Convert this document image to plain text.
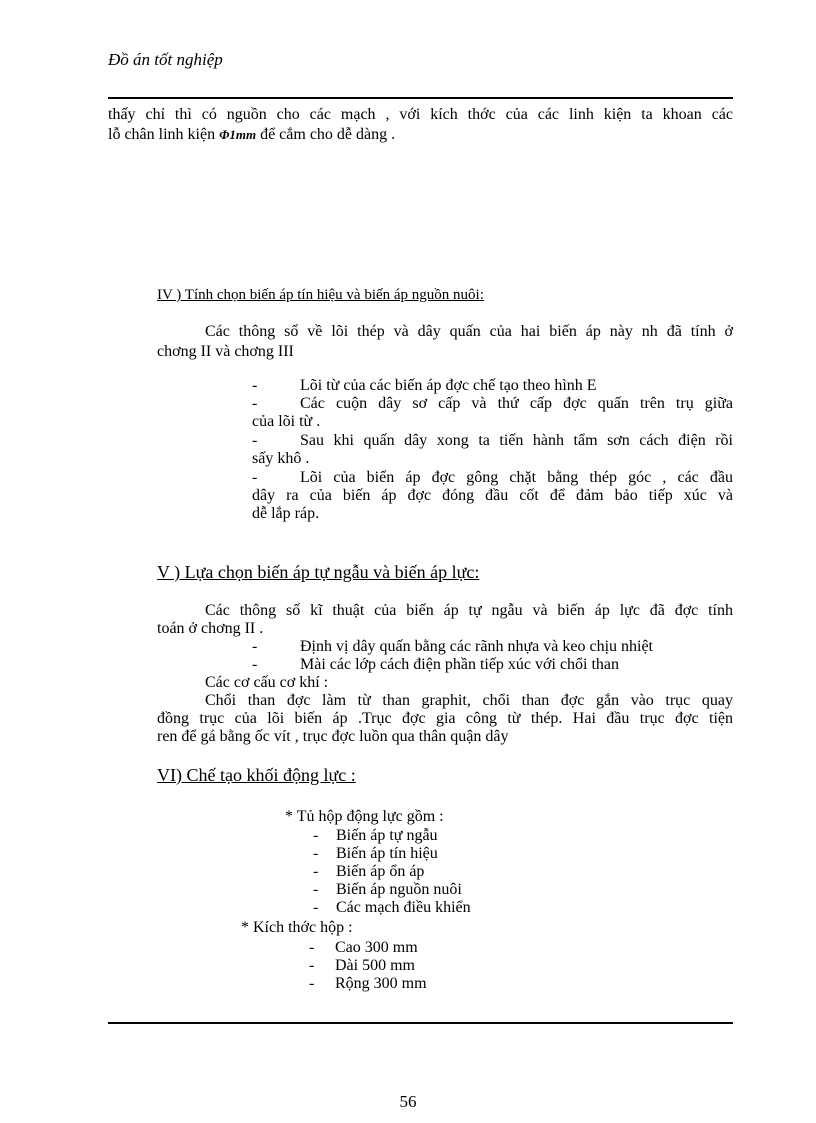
Đồ án tốt nghiệp
thấy chỉ thì có nguồn cho các mạch , với kích thớc của các linh kiện ta khoan các
lỗ chân linh kiện Φ1mm để cắm cho dễ dàng .
IV ) Tính chọn biến áp tín hiệu và biến áp nguồn nuôi:
Các thông số về lõi thép và dây quấn của hai biến áp này nh đã tính ở
chơng II và chơng III
-	Lõi từ của các biến áp đợc chế tạo theo hình E
-	Các cuộn dây sơ cấp và thứ cấp đợc quấn trên trụ giữa
của lõi từ .
-	Sau khi quấn dây xong ta tiến hành tẩm sơn cách điện rồi
sấy khô .
-	Lõi của biến áp đợc gông chặt bằng thép góc , các đầu
dây ra của biến áp đợc đóng đầu cốt để đảm bảo tiếp xúc và
dễ lắp ráp.
V ) Lựa chọn biến áp tự ngẫu và biến áp lực:
Các thông số kĩ thuật của biến áp tự ngẫu và biến áp lực đã đợc tính
toán ở chơng II .
-	Định vị dây quấn bằng các rãnh nhựa và keo chịu nhiệt
-	Mài các lớp cách điện phần tiếp xúc với chổi than
Các cơ cấu cơ khí :
Chổi than đợc làm từ than graphit, chổi than đợc gắn vào trục quay
đồng trục của lõi biến áp .Trục đợc gia công từ thép. Hai đầu trục đợc tiện
ren để gá bằng ốc vít , trục đợc luồn qua thân quận dây
VI) Chế tạo khối động lực :
* Tủ hộp động lực gồm :
- Biến áp tự ngẫu
- Biến áp tín hiệu
- Biến áp ổn áp
- Biến áp nguồn nuôi
- Các mạch điều khiển
* Kích thớc hộp :
- Cao 300 mm
- Dài 500 mm
- Rộng 300 mm
56
